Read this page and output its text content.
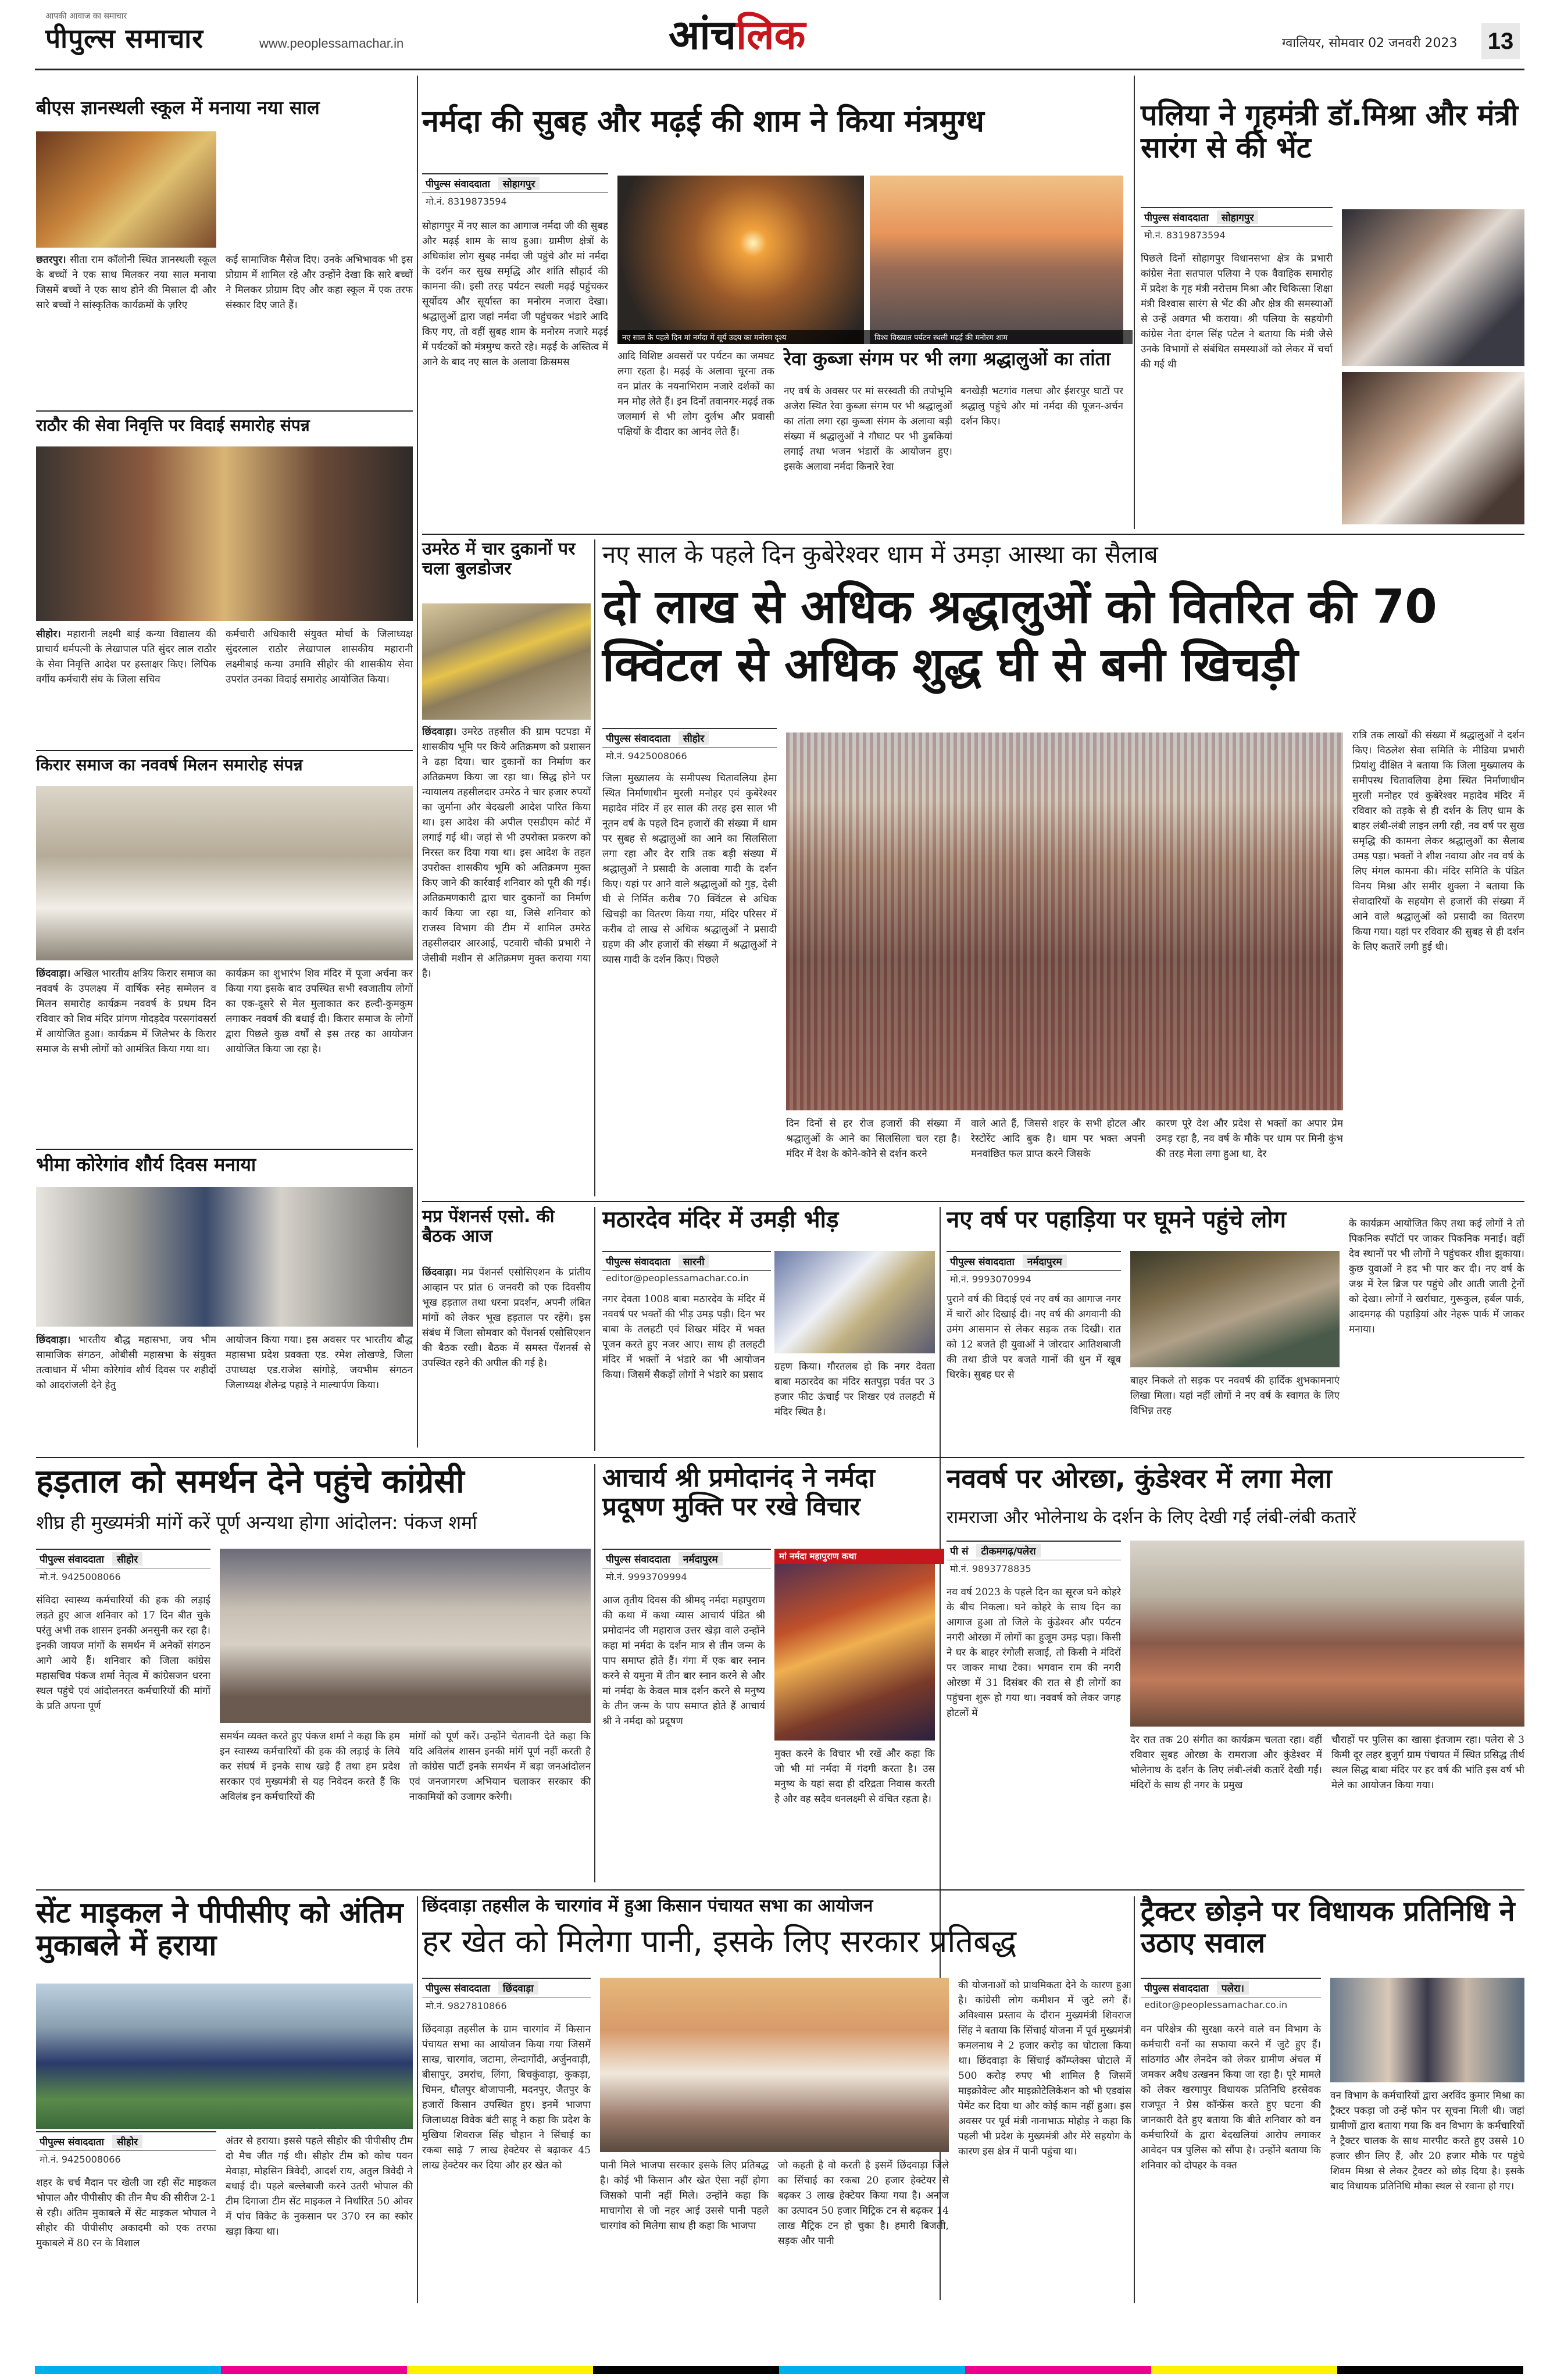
आपकी आवाज का समाचार
पीपुल्स समाचार	www.peoplessamachar.in	आंचलिक	ग्वालियर, सोमवार 02 जनवरी 2023 13
बीएस ज्ञानस्थली स्कूल में मनाया नया साल
छतरपुर। सीता राम कॉलोनी स्थित ज्ञानस्थली स्कूल के बच्चों ने एक साथ मिलकर नया साल मनाया जिसमें बच्चों ने एक साथ होने की मिसाल दी और सारे बच्चों ने सांस्कृतिक कार्यक्रमों के ज़रिए
कई सामाजिक मैसेज दिए। उनके अभिभावक भी इस प्रोग्राम में शामिल रहे और उन्होंने देखा कि सारे बच्चों ने मिलकर प्रोग्राम दिए और कहा स्कूल में एक तरफ संस्कार दिए जाते हैं।
राठौर की सेवा निवृत्ति पर विदाई समारोह संपन्न
सीहोर। महारानी लक्ष्मी बाई कन्या विद्यालय की प्राचार्य धर्मपत्नी के लेखापाल पति सुंदर लाल राठौर के सेवा निवृत्ति आदेश पर हस्ताक्षर किए। लिपिक वर्गीय कर्मचारी संघ के जिला सचिव
कर्मचारी अधिकारी संयुक्त मोर्चा के जिलाध्यक्ष सुंदरलाल राठौर लेखापाल शासकीय महारानी लक्ष्मीबाई कन्या उमावि सीहोर की शासकीय सेवा उपरांत उनका विदाई समारोह आयोजित किया।
किरार समाज का नववर्ष मिलन समारोह संपन्न
छिंदवाड़ा। अखिल भारतीय क्षत्रिय किरार समाज का नववर्ष के उपलक्ष्य में वार्षिक स्नेह सम्मेलन व मिलन समारोह कार्यक्रम नववर्ष के प्रथम दिन रविवार को शिव मंदिर प्रांगण गोदड़देव परसगांवसर्रा में आयोजित हुआ। कार्यक्रम में जिलेभर के किरार समाज के सभी लोगों को आमंत्रित किया गया था।
कार्यक्रम का शुभारंभ शिव मंदिर में पूजा अर्चना कर किया गया इसके बाद उपस्थित सभी स्वजातीय लोगों का एक-दूसरे से मेल मुलाकात कर हल्दी-कुमकुम लगाकर नववर्ष की बधाई दी। किरार समाज के लोगों द्वारा पिछले कुछ वर्षों से इस तरह का आयोजन आयोजित किया जा रहा है।
भीमा कोरेगांव शौर्य दिवस मनाया
छिंदवाड़ा। भारतीय बौद्ध महासभा, जय भीम सामाजिक संगठन, ओबीसी महासभा के संयुक्त तत्वाधान में भीमा कोरेगांव शौर्य दिवस पर शहीदों को आदरांजली देने हेतु
आयोजन किया गया। इस अवसर पर भारतीय बौद्ध महासभा प्रदेश प्रवक्ता एड. रमेश लोखण्डे, जिला उपाध्यक्ष एड.राजेश सांगोड़े, जयभीम संगठन जिलाध्यक्ष शैलेन्द्र पहाड़े ने माल्यार्पण किया।
नर्मदा की सुबह और मढ़ई की शाम ने किया मंत्रमुग्ध
पीपुल्स संवाददाता	सोहागपुर
मो.नं. 8319873594
सोहागपुर में नए साल का आगाज नर्मदा जी की सुबह और मढ़ई शाम के साथ हुआ। ग्रामीण क्षेत्रों के अधिकांश लोग सुबह नर्मदा जी पहुंचे और मां नर्मदा के दर्शन कर सुख समृद्धि और शांति सौहार्द की कामना की। इसी तरह पर्यटन स्थली मढ़ई पहुंचकर सूर्योदय और सूर्यास्त का मनोरम नजारा देखा। श्रद्धालुओं द्वारा जहां नर्मदा जी पहुंचकर भंडारे आदि किए गए, तो वहीं सुबह शाम के मनोरम नजारे मढ़ई में पर्यटकों को मंत्रमुग्ध करते रहे। मढ़ई के अस्तित्व में आने के बाद नए साल के अलावा क्रिसमस
नए साल के पहले दिन मां नर्मदा में सूर्य उदय का मनोरम दृश्य	विश्व विख्यात पर्यटन स्थली मढ़ई की मनोरम शाम
आदि विशिष्ट अवसरों पर पर्यटन का जमघट लगा रहता है। मढ़ई के अलावा चूरना तक वन प्रांतर के नयनाभिराम नजारे दर्शकों का मन मोह लेते हैं। इन दिनों तवानगर-मढ़ई तक जलमार्ग से भी लोग दुर्लभ और प्रवासी पक्षियों के दीदार का आनंद लेते हैं।
रेवा कुब्जा संगम पर भी लगा श्रद्धालुओं का तांता
नए वर्ष के अवसर पर मां सरस्वती की तपोभूमि अजेरा स्थित रेवा कुब्जा संगम पर भी श्रद्धालुओं का तांता लगा रहा कुब्जा संगम के अलावा बड़ी संख्या में श्रद्धालुओं ने गौघाट पर भी डुबकियां लगाई तथा भजन भंडारों के आयोजन हुए। इसके अलावा नर्मदा किनारे रेवा
बनखेड़ी भटगांव गलचा और ईशरपुर घाटों पर श्रद्धालु पहुंचे और मां नर्मदा की पूजन-अर्चन दर्शन किए।
पलिया ने गृहमंत्री डॉ.मिश्रा और मंत्री सारंग से की भेंट
पीपुल्स संवाददाता	सोहागपुर
मो.नं. 8319873594
पिछले दिनों सोहागपुर विधानसभा क्षेत्र के प्रभारी कांग्रेस नेता सतपाल पलिया ने एक वैवाहिक समारोह में प्रदेश के गृह मंत्री नरोत्तम मिश्रा और चिकित्सा शिक्षा मंत्री विश्वास सारंग से भेंट की और क्षेत्र की समस्याओं से उन्हें अवगत भी कराया। श्री पलिया के सहयोगी कांग्रेस नेता दंगल सिंह पटेल ने बताया कि मंत्री जैसे उनके विभागों से संबंधित समस्याओं को लेकर में चर्चा की गई थी
उमरेठ में चार दुकानों पर चला बुलडोजर
छिंदवाड़ा। उमरेठ तहसील की ग्राम पटपडा में शासकीय भूमि पर किये अतिक्रमण को प्रशासन ने ढहा दिया। चार दुकानों का निर्माण कर अतिक्रमण किया जा रहा था। सिद्ध होने पर न्यायालय तहसीलदार उमरेठ ने चार हजार रुपयों का जुर्माना और बेदखली आदेश पारित किया था। इस आदेश की अपील एसडीएम कोर्ट में लगाई गई थी। जहां से भी उपरोक्त प्रकरण को निरस्त कर दिया गया था। इस आदेश के तहत उपरोक्त शासकीय भूमि को अतिक्रमण मुक्त किए जाने की कार्रवाई शनिवार को पूरी की गई। अतिक्रमणकारी द्वारा चार दुकानों का निर्माण कार्य किया जा रहा था, जिसे शनिवार को राजस्व विभाग की टीम में शामिल उमरेठ तहसीलदार आरआई, पटवारी चौकी प्रभारी ने जेसीबी मशीन से अतिक्रमण मुक्त कराया गया है।
नए साल के पहले दिन कुबेरेश्वर धाम में उमड़ा आस्था का सैलाब
दो लाख से अधिक श्रद्धालुओं को वितरित की 70 क्विंटल से अधिक शुद्ध घी से बनी खिचड़ी
पीपुल्स संवाददाता	सीहोर
मो.नं. 9425008066
जिला मुख्यालय के समीपस्थ चितावलिया हेमा स्थित निर्माणाधीन मुरली मनोहर एवं कुबेरेश्वर महादेव मंदिर में हर साल की तरह इस साल भी नूतन वर्ष के पहले दिन हजारों की संख्या में धाम पर सुबह से श्रद्धालुओं का आने का सिलसिला लगा रहा और देर रात्रि तक बड़ी संख्या में श्रद्धालुओं ने प्रसादी के अलावा गादी के दर्शन किए। यहां पर आने वाले श्रद्धालुओं को गुड़, देसी घी से निर्मित करीब 70 क्विंटल से अधिक खिचड़ी का वितरण किया गया, मंदिर परिसर में करीब दो लाख से अधिक श्रद्धालुओं ने प्रसादी ग्रहण की और हजारों की संख्या में श्रद्धालुओं ने व्यास गादी के दर्शन किए। पिछले
दिन दिनों से हर रोज हजारों की संख्या में श्रद्धालुओं के आने का सिलसिला चल रहा है। मंदिर में देश के कोने-कोने से दर्शन करने
वाले आते हैं, जिससे शहर के सभी होटल और रेस्टोरेंट आदि बुक है। धाम पर भक्त अपनी मनवांछित फल प्राप्त करने जिसके
कारण पूरे देश और प्रदेश से भक्तों का अपार प्रेम उमड़ रहा है, नव वर्ष के मौके पर धाम पर मिनी कुंभ की तरह मेला लगा हुआ था, देर
रात्रि तक लाखों की संख्या में श्रद्धालुओं ने दर्शन किए। विठलेश सेवा समिति के मीडिया प्रभारी प्रियांशु दीक्षित ने बताया कि जिला मुख्यालय के समीपस्थ चितावलिया हेमा स्थित निर्माणाधीन मुरली मनोहर एवं कुबेरेश्वर महादेव मंदिर में रविवार को तड़के से ही दर्शन के लिए धाम के बाहर लंबी-लंबी लाइन लगी रही, नव वर्ष पर सुख समृद्धि की कामना लेकर श्रद्धालुओं का सैलाब उमड़ पड़ा। भक्तों ने शीश नवाया और नव वर्ष के लिए मंगल कामना की। मंदिर समिति के पंडित विनय मिश्रा और समीर शुक्ला ने बताया कि सेवादारियों के सहयोग से हजारों की संख्या में आने वाले श्रद्धालुओं को प्रसादी का वितरण किया गया। यहां पर रविवार की सुबह से ही दर्शन के लिए कतारें लगी हुई थी।
मप्र पेंशनर्स एसो. की बैठक आज
छिंदवाड़ा। मप्र पेंशनर्स एसोसिएशन के प्रांतीय आव्हान पर प्रांत 6 जनवरी को एक दिवसीय भूख हड़ताल तथा धरना प्रदर्शन, अपनी लंबित मांगों को लेकर भूख हड़ताल पर रहेंगे। इस संबंध में जिला सोमवार को पेंशनर्स एसोसिएशन की बैठक रखी। बैठक में समस्त पेंशनर्स से उपस्थित रहने की अपील की गई है।
मठारदेव मंदिर में उमड़ी भीड़
पीपुल्स संवाददाता	सारनी
editor@peoplessamachar.co.in
नगर देवता 1008 बाबा मठारदेव के मंदिर में नववर्ष पर भक्तों की भीड़ उमड़ पड़ी। दिन भर बाबा के तलहटी एवं शिखर मंदिर में भक्त पूजन करते हुए नजर आए। साथ ही तलहटी मंदिर में भक्तों ने भंडारे का भी आयोजन किया। जिसमें सैकड़ों लोगों ने भंडारे का प्रसाद
ग्रहण किया। गौरतलब हो कि नगर देवता बाबा मठारदेव का मंदिर सतपुड़ा पर्वत पर 3 हजार फीट ऊंचाई पर शिखर एवं तलहटी में मंदिर स्थित है।
नए वर्ष पर पहाड़िया पर घूमने पहुंचे लोग
पीपुल्स संवाददाता	नर्मदापुरम
मो.नं. 9993070994
पुराने वर्ष की विदाई एवं नए वर्ष का आगाज नगर में चारों ओर दिखाई दी। नए वर्ष की अगवानी की उमंग आसमान से लेकर सड़क तक दिखी। रात को 12 बजते ही युवाओं ने जोरदार आतिशबाजी की तथा डीजे पर बजते गानों की धुन में खूब थिरके। सुबह घर से	बाहर निकले तो सड़क पर नववर्ष की हार्दिक शुभकामनाएं लिखा मिला। यहां नहीं लोगों ने नए वर्ष के स्वागत के लिए विभिन्न तरह
के कार्यक्रम आयोजित किए तथा कई लोगों ने तो पिकनिक स्पॉटों पर जाकर पिकनिक मनाई। वहीं देव स्थानों पर भी लोगों ने पहुंचकर शीश झुकाया। कुछ युवाओं ने हद भी पार कर दी। नए वर्ष के जश्न में रेल ब्रिज पर पहुंचे और आती जाती ट्रेनों को देखा। लोगों ने खर्राघाट, गुरूकुल, हर्बल पार्क, आदमगढ़ की पहाड़ियां और नेहरू पार्क में जाकर मनाया।
हड़ताल को समर्थन देने पहुंचे कांग्रेसी
शीघ्र ही मुख्यमंत्री मांगें करें पूर्ण अन्यथा होगा आंदोलन: पंकज शर्मा
पीपुल्स संवाददाता	सीहोर
मो.नं. 9425008066
संविदा स्वास्थ्य कर्मचारियों की हक की लड़ाई लड़ते हुए आज शनिवार को 17 दिन बीत चुके परंतु अभी तक शासन इनकी अनसुनी कर रहा है। इनकी जायज मांगों के समर्थन में अनेकों संगठन आगे आये हैं। शनिवार को जिला कांग्रेस महासचिव पंकज शर्मा नेतृत्व में कांग्रेसजन धरना स्थल पहुंचे एवं आंदोलनरत कर्मचारियों की मांगों के प्रति अपना पूर्ण
समर्थन व्यक्त करते हुए पंकज शर्मा ने कहा कि हम इन स्वास्थ्य कर्मचारियों की हक की लड़ाई के लिये कर संघर्ष में इनके साथ खड़े हैं तथा हम प्रदेश सरकार एवं मुख्यमंत्री से यह निवेदन करते हैं कि अविलंब इन कर्मचारियों की
मांगों को पूर्ण करें। उन्होंने चेतावनी देते कहा कि यदि अविलंब शासन इनकी मांगें पूर्ण नहीं करती है तो कांग्रेस पार्टी इनके समर्थन में बड़ा जनआंदोलन एवं जनजागरण अभियान चलाकर सरकार की नाकामियों को उजागर करेगी।
आचार्य श्री प्रमोदानंद ने नर्मदा प्रदूषण मुक्ति पर रखे विचार
पीपुल्स संवाददाता	नर्मदापुरम
मो.नं. 9993709994
आज तृतीय दिवस की श्रीमद् नर्मदा महापुराण की कथा में कथा व्यास आचार्य पंडित श्री प्रमोदानंद जी महाराज उत्तर खेड़ा वाले उन्होंने कहा मां नर्मदा के दर्शन मात्र से तीन जन्म के पाप समाप्त होते हैं। गंगा में एक बार स्नान करने से यमुना में तीन बार स्नान करने से और मां नर्मदा के केवल मात्र दर्शन करने से मनुष्य के तीन जन्म के पाप समाप्त होते हैं आचार्य श्री ने नर्मदा को प्रदूषण
मां नर्मदा महापुराण कथा
मुक्त करने के विचार भी रखें और कहा कि जो भी मां नर्मदा में गंदगी करता है। उस मनुष्य के यहां सदा ही दरिद्रता निवास करती है और वह सदैव धनलक्ष्मी से वंचित रहता है।
नववर्ष पर ओरछा, कुंडेश्वर में लगा मेला
रामराजा और भोलेनाथ के दर्शन के लिए देखी गईं लंबी-लंबी कतारें
पी सं	टीकमगढ़/पलेरा
मो.नं. 9893778835
नव वर्ष 2023 के पहले दिन का सूरज घने कोहरे के बीच निकला। घने कोहरे के साथ दिन का आगाज हुआ तो जिले के कुंडेश्वर और पर्यटन नगरी ओरछा में लोगों का हुजूम उमड़ पड़ा। किसी ने घर के बाहर रंगोली सजाई, तो किसी ने मंदिरों पर जाकर माथा टेका। भगवान राम की नगरी ओरछा में 31 दिसंबर की रात से ही लोगों का पहुंचना शुरू हो गया था। नववर्ष को लेकर जगह होटलों में
देर रात तक 20 संगीत का कार्यक्रम चलता रहा। वहीं रविवार सुबह ओरछा के रामराजा और कुंडेश्वर में भोलेनाथ के दर्शन के लिए लंबी-लंबी कतारें देखी गईं। मंदिरों के साथ ही नगर के प्रमुख
चौराहों पर पुलिस का खासा इंतजाम रहा। पलेरा से 3 किमी दूर लहर बुजुर्ग ग्राम पंचायत में स्थित प्रसिद्ध तीर्थ स्थल सिद्ध बाबा मंदिर पर हर वर्ष की भांति इस वर्ष भी मेले का आयोजन किया गया।
सेंट माइकल ने पीपीसीए को अंतिम मुकाबले में हराया
पीपुल्स संवाददाता	सीहोर
मो.नं. 9425008066
शहर के चर्च मैदान पर खेली जा रही सेंट माइकल भोपाल और पीपीसीए की तीन मैच की सीरीज 2-1 से रही। अंतिम मुकाबले में सेंट माइकल भोपाल ने सीहोर की पीपीसीए अकादमी को एक तरफा मुकाबले में 80 रन के विशाल
अंतर से हराया। इससे पहले सीहोर की पीपीसीए टीम दो मैच जीत गई थी। सीहोर टीम को कोच पवन मेवाड़ा, मोहसिन त्रिवेदी, आदर्श राय, अतुल त्रिवेदी ने बधाई दी। पहले बल्लेबाजी करने उतरी भोपाल की टीम दिगाजा टीम सेंट माइकल ने निर्धारित 50 ओवर में पांच विकेट के नुकसान पर 370 रन का स्कोर खड़ा किया था।
छिंदवाड़ा तहसील के चारगांव में हुआ किसान पंचायत सभा का आयोजन
हर खेत को मिलेगा पानी, इसके लिए सरकार प्रतिबद्ध
पीपुल्स संवाददाता	छिंदवाड़ा
मो.नं. 9827810866
छिंदवाड़ा तहसील के ग्राम चारगांव में किसान पंचायत सभा का आयोजन किया गया जिसमें साख, चारगांव, जटामा, लेन्दागोंदी, अर्जुनवाड़ी, बीसापुर, उमरांच, लिंगा, बिचकुंवाड़ा, कुकड़ा, चिमन, धौलपुर बोजापानी, मदनपुर, जैतपुर के हजारों किसान उपस्थित हुए। इनमें भाजपा जिलाध्यक्ष विवेक बंटी साहू ने कहा कि प्रदेश के मुखिया शिवराज सिंह चौहान ने सिंचाई का रकबा साढ़े 7 लाख हेक्टेयर से बढ़ाकर 45 लाख हेक्टेयर कर दिया और हर खेत को	पानी मिले भाजपा सरकार इसके लिए प्रतिबद्ध है। कोई भी किसान और खेत ऐसा नहीं होगा जिसको पानी नहीं मिले। उन्होंने कहा कि माचागोरा से जो नहर आई उससे पानी पहले चारगांव को मिलेगा साथ ही कहा कि भाजपा
जो कहती है वो करती है इसमें छिंदवाड़ा जिले का सिंचाई का रकबा 20 हजार हेक्टेयर से बढ़कर 3 लाख हेक्टेयर किया गया है। अनाज का उत्पादन 50 हजार मिट्रिक टन से बढ़कर 14 लाख मैट्रिक टन हो चुका है। हमारी बिजली, सड़क और पानी
की योजनाओं को प्राथमिकता देने के कारण हुआ है। कांग्रेसी लोग कमीशन में जुटे लगे हैं। अविश्वास प्रस्ताव के दौरान मुख्यमंत्री शिवराज सिंह ने बताया कि सिंचाई योजना में पूर्व मुख्यमंत्री कमलनाथ ने 2 हजार करोड़ का घोटाला किया था। छिंदवाड़ा के सिंचाई कॉम्प्लेक्स घोटाले में 500 करोड़ रुपए भी शामिल है जिसमें माइक्रोवेल्ट और माइक्रोटेलिकेशन को भी एडवांस पेमेंट कर दिया था और कोई काम नहीं हुआ। इस अवसर पर पूर्व मंत्री नानाभाऊ मोहोड़ ने कहा कि पहली भी प्रदेश के मुख्यमंत्री और मेरे सहयोग के कारण इस क्षेत्र में पानी पहुंचा था।
ट्रैक्टर छोड़ने पर विधायक प्रतिनिधि ने उठाए सवाल
पीपुल्स संवाददाता	पलेरा।
editor@peoplessamachar.co.in
वन परिक्षेत्र की सुरक्षा करने वाले वन विभाग के कर्मचारी वनों का सफाया करने में जुटे हुए हैं। सांठगांठ और लेनदेन को लेकर ग्रामीण अंचल में जमकर अवैध उत्खनन किया जा रहा है। पूरे मामले को लेकर खरगापुर विधायक प्रतिनिधि हरसेवक राजपूत ने प्रेस कॉन्फ्रेंस करते हुए घटना की जानकारी देते हुए बताया कि बीते शनिवार को वन कर्मचारियों के द्वारा बेदखलियां आरोप लगाकर आवेदन पत्र पुलिस को सौंपा है। उन्होंने बताया कि शनिवार को दोपहर के वक्त
वन विभाग के कर्मचारियों द्वारा अरविंद कुमार मिश्रा का ट्रैक्टर पकड़ा जो उन्हें फोन पर सूचना मिली थी। जहां ग्रामीणों द्वारा बताया गया कि वन विभाग के कर्मचारियों ने ट्रैक्टर चालक के साथ मारपीट करते हुए उससे 10 हजार छीन लिए हैं, और 20 हजार मौके पर पहुंचे शिवम मिश्रा से लेकर ट्रैक्टर को छोड़ दिया है। इसके बाद विधायक प्रतिनिधि मौका स्थल से रवाना हो गए।
